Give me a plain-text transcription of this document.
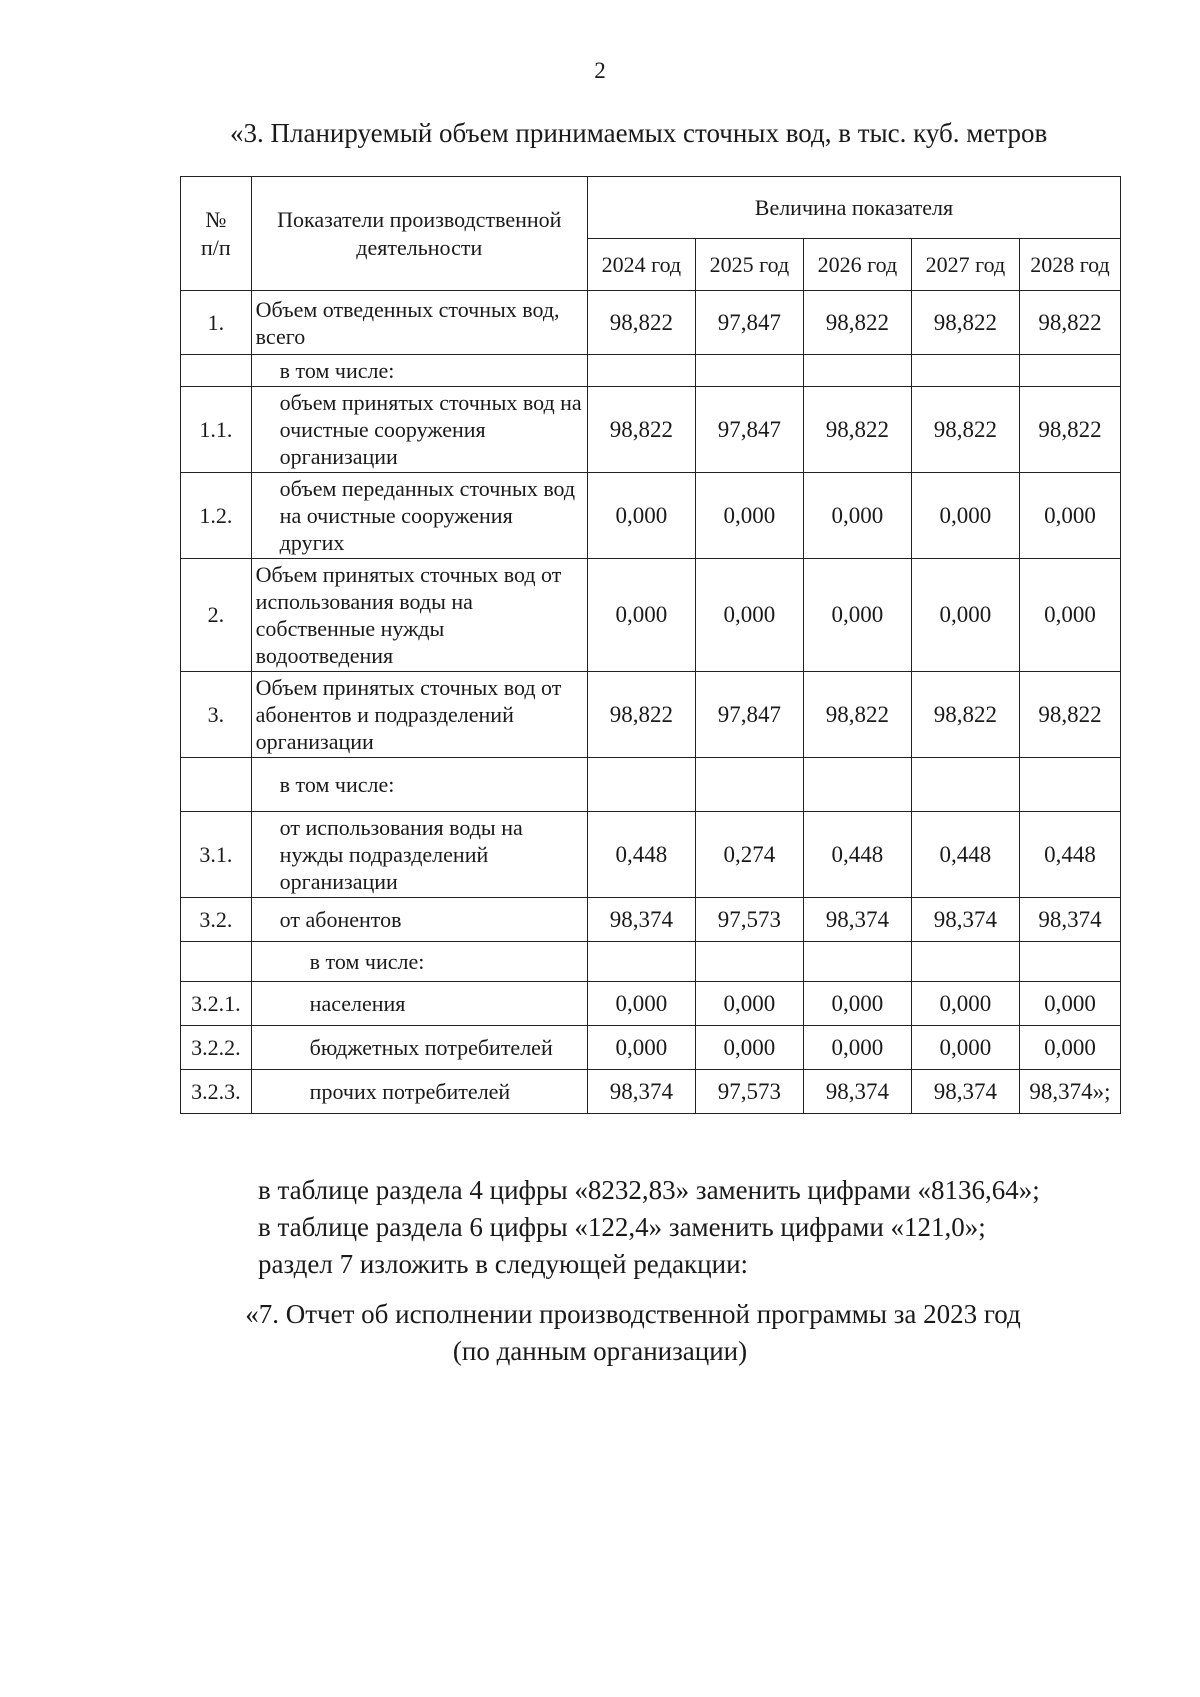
2
«3. Планируемый объем принимаемых сточных вод, в тыс. куб. метров
№ п/п	Показатели производственной деятельности	Величина показателя				
		2024 год	2025 год	2026 год	2027 год	2028 год
1.	Объем отведенных сточных вод, всего	98,822	97,847	98,822	98,822	98,822
	в том числе:					
1.1.	объем принятых сточных вод на очистные сооружения организации	98,822	97,847	98,822	98,822	98,822
1.2.	объем переданных сточных вод на очистные сооружения других	0,000	0,000	0,000	0,000	0,000
2.	Объем принятых сточных вод от использования воды на собственные нужды водоотведения	0,000	0,000	0,000	0,000	0,000
3.	Объем принятых сточных вод от абонентов и подразделений организации	98,822	97,847	98,822	98,822	98,822
	в том числе:					
3.1.	от использования воды на нужды подразделений организации	0,448	0,274	0,448	0,448	0,448
3.2.	от абонентов	98,374	97,573	98,374	98,374	98,374
	в том числе:					
3.2.1.	населения	0,000	0,000	0,000	0,000	0,000
3.2.2.	бюджетных потребителей	0,000	0,000	0,000	0,000	0,000
3.2.3.	прочих потребителей	98,374	97,573	98,374	98,374	98,374»;
в таблице раздела 4 цифры «8232,83» заменить цифрами «8136,64»;
в таблице раздела 6 цифры «122,4» заменить цифрами «121,0»;
раздел 7 изложить в следующей редакции:
«7. Отчет об исполнении производственной программы за 2023 год
(по данным организации)
